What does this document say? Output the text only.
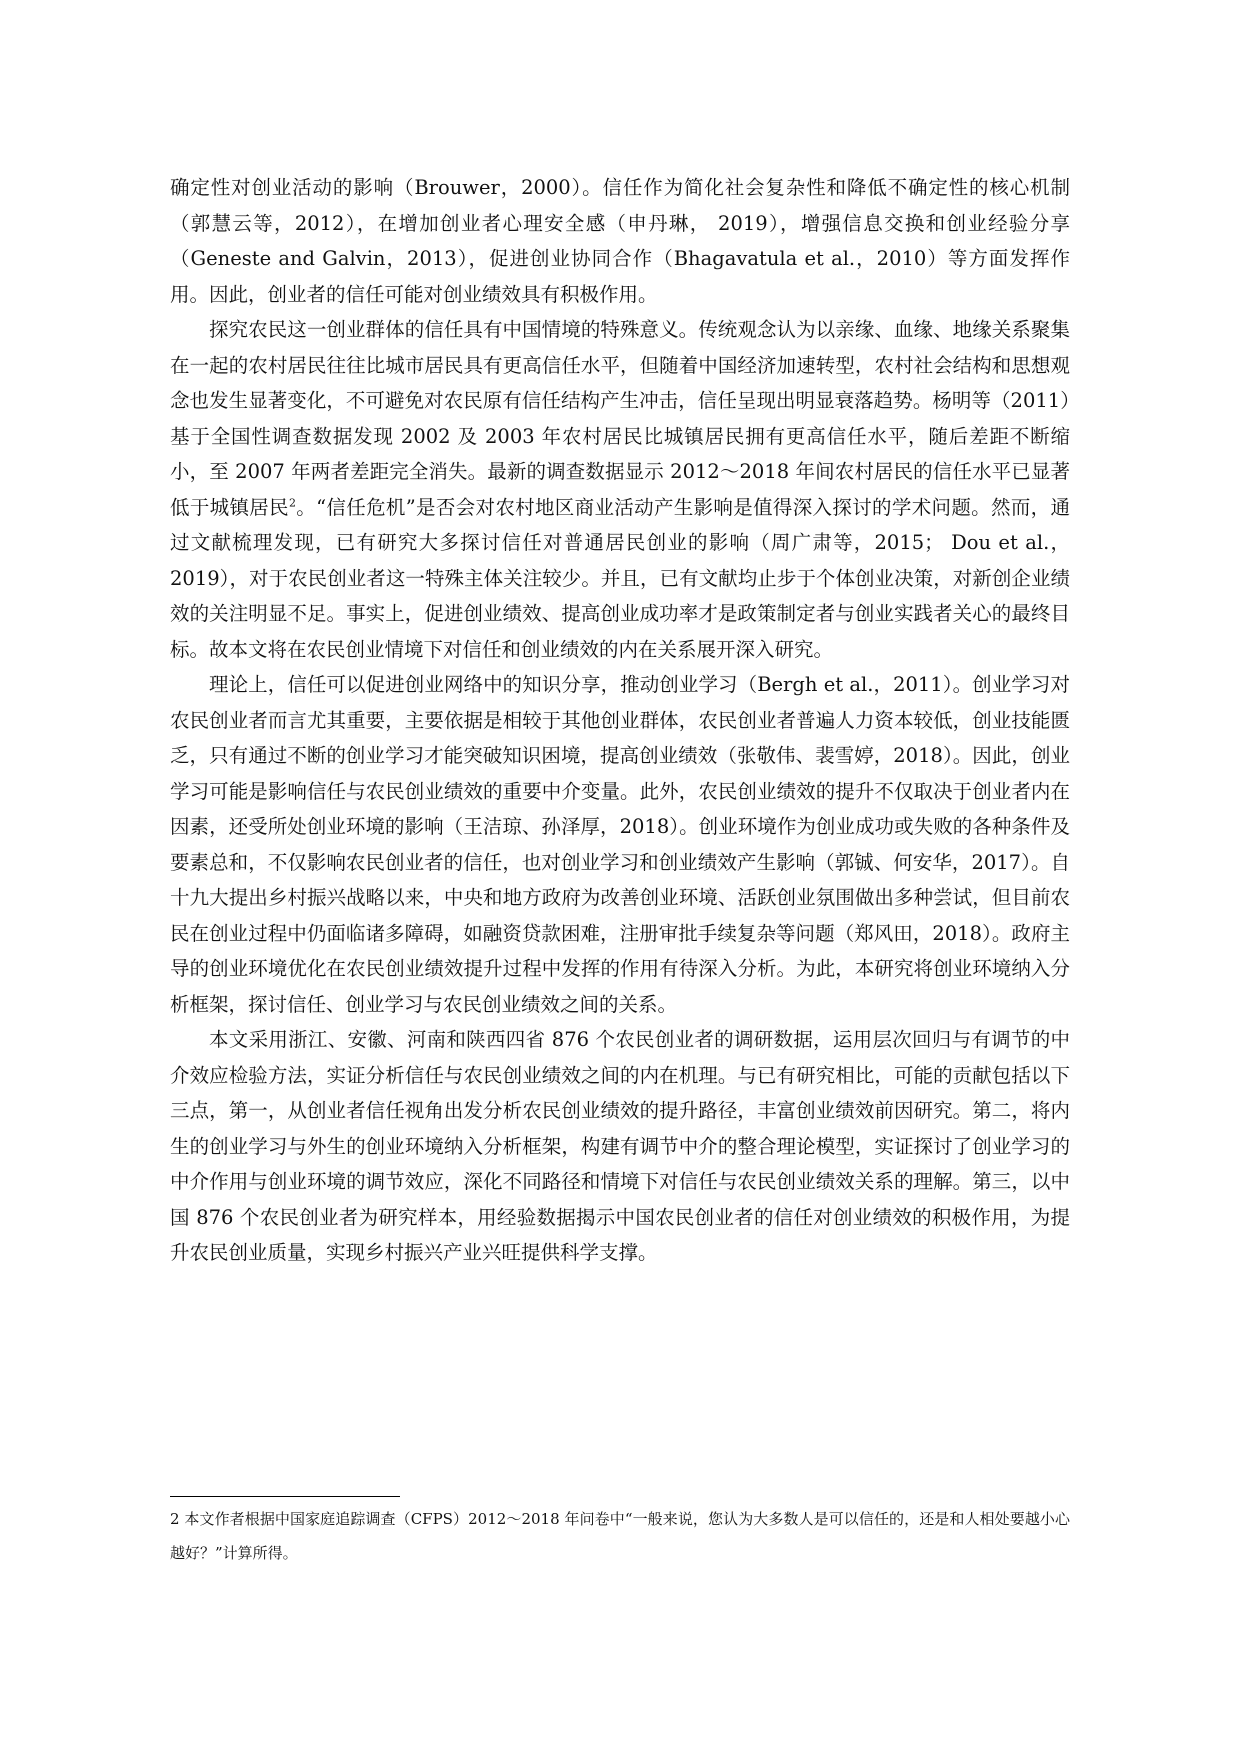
确定性对创业活动的影响（Brouwer，2000）。信任作为简化社会复杂性和降低不确定性的核心机制（郭慧云等，2012），在增加创业者心理安全感（申丹琳， 2019），增强信息交换和创业经验分享（Geneste and Galvin，2013），促进创业协同合作（Bhagavatula et al.，2010）等方面发挥作用。因此，创业者的信任可能对创业绩效具有积极作用。

探究农民这一创业群体的信任具有中国情境的特殊意义。传统观念认为以亲缘、血缘、地缘关系聚集在一起的农村居民往往比城市居民具有更高信任水平，但随着中国经济加速转型，农村社会结构和思想观念也发生显著变化，不可避免对农民原有信任结构产生冲击，信任呈现出明显衰落趋势。杨明等（2011）基于全国性调查数据发现 2002 及 2003 年农村居民比城镇居民拥有更高信任水平，随后差距不断缩小，至 2007 年两者差距完全消失。最新的调查数据显示 2012～2018 年间农村居民的信任水平已显著低于城镇居民$^2$。“信任危机”是否会对农村地区商业活动产生影响是值得深入探讨的学术问题。然而，通过文献梳理发现，已有研究大多探讨信任对普通居民创业的影响（周广肃等，2015； Dou et al.，2019），对于农民创业者这一特殊主体关注较少。并且，已有文献均止步于个体创业决策，对新创企业绩效的关注明显不足。事实上，促进创业绩效、提高创业成功率才是政策制定者与创业实践者关心的最终目标。故本文将在农民创业情境下对信任和创业绩效的内在关系展开深入研究。

理论上，信任可以促进创业网络中的知识分享，推动创业学习（Bergh et al.，2011）。创业学习对农民创业者而言尤其重要，主要依据是相较于其他创业群体，农民创业者普遍人力资本较低，创业技能匮乏，只有通过不断的创业学习才能突破知识困境，提高创业绩效（张敬伟、裴雪婷，2018）。因此，创业学习可能是影响信任与农民创业绩效的重要中介变量。此外，农民创业绩效的提升不仅取决于创业者内在因素，还受所处创业环境的影响（王洁琼、孙泽厚，2018）。创业环境作为创业成功或失败的各种条件及要素总和，不仅影响农民创业者的信任，也对创业学习和创业绩效产生影响（郭铖、何安华，2017）。自十九大提出乡村振兴战略以来，中央和地方政府为改善创业环境、活跃创业氛围做出多种尝试，但目前农民在创业过程中仍面临诸多障碍，如融资贷款困难，注册审批手续复杂等问题（郑风田，2018）。政府主导的创业环境优化在农民创业绩效提升过程中发挥的作用有待深入分析。为此，本研究将创业环境纳入分析框架，探讨信任、创业学习与农民创业绩效之间的关系。

本文采用浙江、安徽、河南和陕西四省 876 个农民创业者的调研数据，运用层次回归与有调节的中介效应检验方法，实证分析信任与农民创业绩效之间的内在机理。与已有研究相比，可能的贡献包括以下三点，第一，从创业者信任视角出发分析农民创业绩效的提升路径，丰富创业绩效前因研究。第二，将内生的创业学习与外生的创业环境纳入分析框架，构建有调节中介的整合理论模型，实证探讨了创业学习的中介作用与创业环境的调节效应，深化不同路径和情境下对信任与农民创业绩效关系的理解。第三，以中国 876 个农民创业者为研究样本，用经验数据揭示中国农民创业者的信任对创业绩效的积极作用，为提升农民创业质量，实现乡村振兴产业兴旺提供科学支撑。

2 本文作者根据中国家庭追踪调查（CFPS）2012～2018 年问卷中“一般来说，您认为大多数人是可以信任的，还是和人相处要越小心越好？”计算所得。
